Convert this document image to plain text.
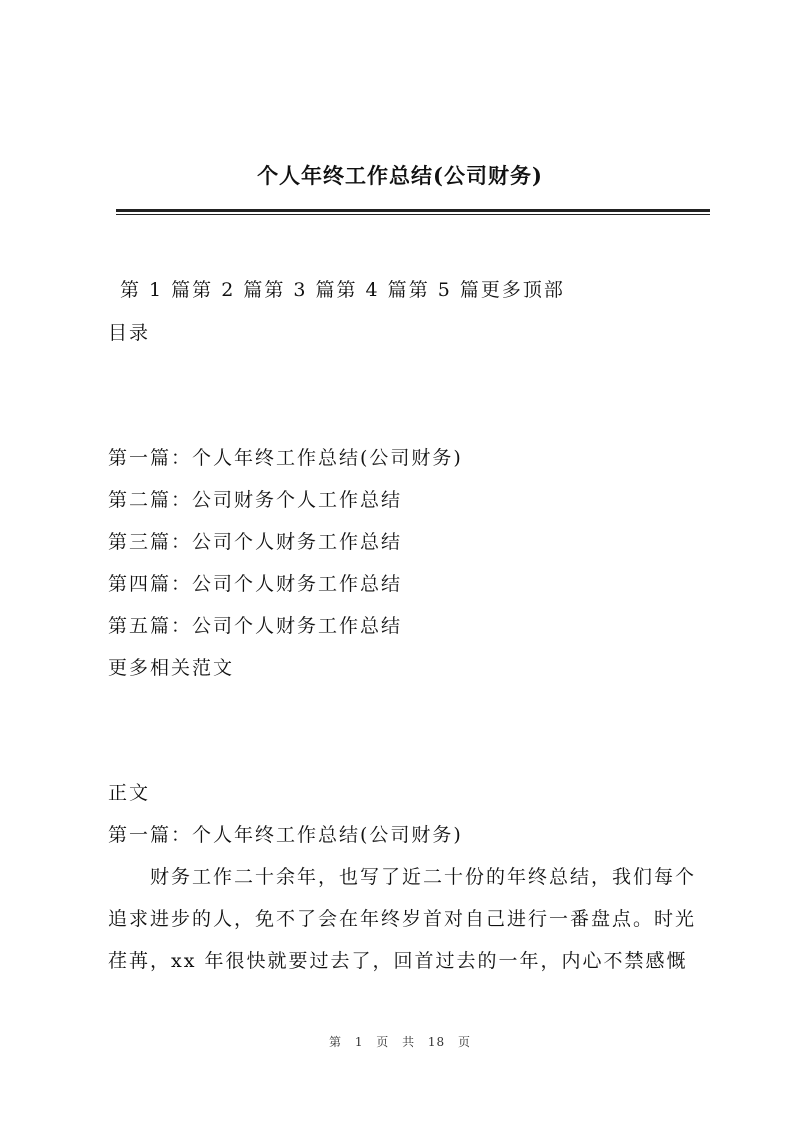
个人年终工作总结(公司财务)
第 1 篇第 2 篇第 3 篇第 4 篇第 5 篇更多顶部
目录
第一篇：个人年终工作总结(公司财务)
第二篇：公司财务个人工作总结
第三篇：公司个人财务工作总结
第四篇：公司个人财务工作总结
第五篇：公司个人财务工作总结
更多相关范文
正文
第一篇：个人年终工作总结(公司财务)
财务工作二十余年，也写了近二十份的年终总结，我们每个
追求进步的人，免不了会在年终岁首对自己进行一番盘点。时光
荏苒，xx 年很快就要过去了，回首过去的一年，内心不禁感慨
第 1 页 共 18 页
